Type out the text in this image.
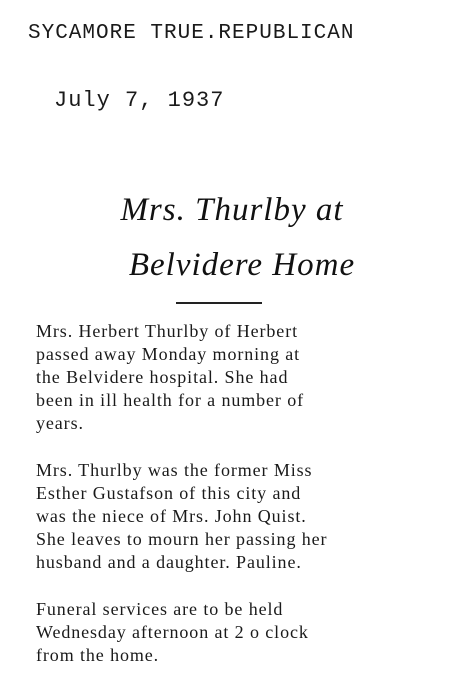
SYCAMORE TRUE.REPUBLICAN
July 7, 1937
Mrs. Thurlby at
Belvidere Home
Mrs. Herbert Thurlby of Herbert
passed away Monday morning at
the Belvidere hospital. She had
been in ill health for a number of
years.
Mrs. Thurlby was the former Miss
Esther Gustafson of this city and
was the niece of Mrs. John Quist.
She leaves to mourn her passing her
husband and a daughter. Pauline.
Funeral services are to be held
Wednesday afternoon at 2 o clock
from the home.
